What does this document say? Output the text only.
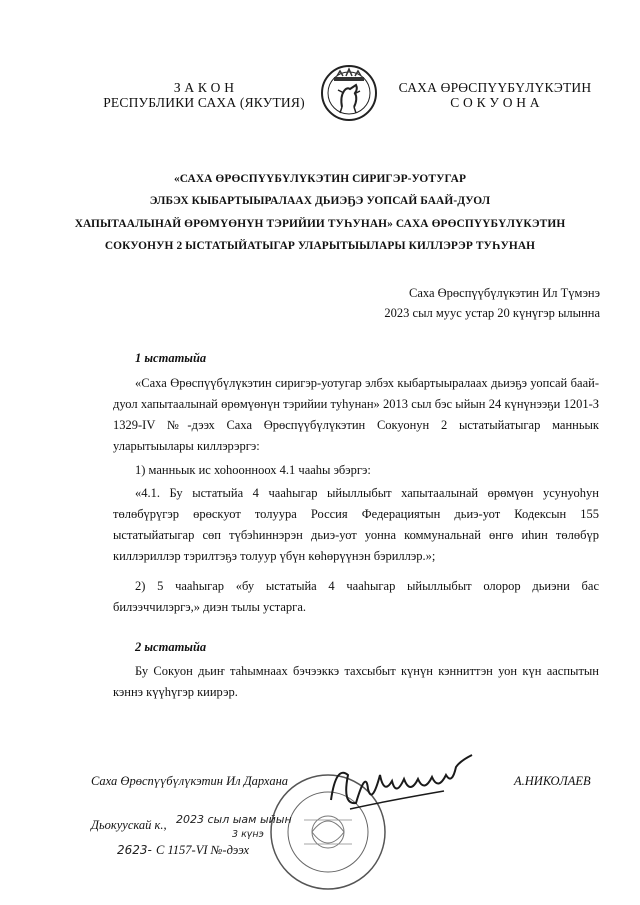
З А К О Н
РЕСПУБЛИКИ САХА (ЯКУТИЯ)
САХА ӨРӨСПҮҮБҮЛҮКЭТИН
С О К У О Н А
«САХА ӨРӨСПҮҮБҮЛҮКЭТИН СИРИГЭР-УОТУГАР
ЭЛБЭХ КЫБАРТЫЫРАЛААХ ДЬИЭҔЭ УОПСАЙ БААЙ-ДУОЛ
ХАПЫТААЛЫНАЙ ӨРӨМҮӨНҮН ТЭРИЙИИ ТУҺУНАН» САХА ӨРӨСПҮҮБҮЛҮКЭТИН
СОКУОНУН 2 ЫСТАТЫЙАТЫГАР УЛАРЫТЫЫЛАРЫ КИЛЛЭРЭР ТУҺУНАН
Саха Өрөспүүбүлүкэтин Ил Түмэнэ
2023 сыл муус устар 20 күнүгэр ылынна
1 ыстатыйа
«Саха Өрөспүүбүлүкэтин сиригэр-уотугар элбэх кыбартыыралаах дьиэҕэ уопсай баай-дуол хапытаалынай өрөмүөнүн тэрийии туһунан» 2013 сыл бэс ыйын 24 күнүнээҕи 1201-З 1329-IV №-дээх Саха Өрөспүүбүлүкэтин Сокуонун 2 ыстатыйатыгар манньык уларытыылары киллэрэргэ:
1) манньык ис хоһоонноох 4.1 чааһы эбэргэ:
«4.1. Бу ыстатыйа 4 чааһыгар ыйыллыбыт хапытаалынай өрөмүөн усунуоһун төлөбүрүгэр өрөскуот толуура Россия Федерациятын дьиэ-уот Кодексын 155 ыстатыйатыгар сөп түбэһиннэрэн дьиэ-уот уонна коммунальнай өнгө иһин төлөбүр киллэриллэр тэрилтэҕэ толуур үбүн көһөрүүнэн бэриллэр.»;
2) 5 чааһыгар «бу ыстатыйа 4 чааһыгар ыйыллыбыт олорор дьиэни бас билээччилэргэ,» диэн тылы устарга.
2 ыстатыйа
Бу Сокуон дьиҥ таһымнаах бэчээккэ тахсыбыт күнүн кэнниттэн уон күн ааспытын кэннэ күүһүгэр киирэр.
Саха Өрөспүүбүлүкэтин Ил Дархана	А.НИКОЛАЕВ
Дьокуускай к., 2023 сыл ыам ыйын
3 күнэ
2623- С 1157-VI №-дээх
